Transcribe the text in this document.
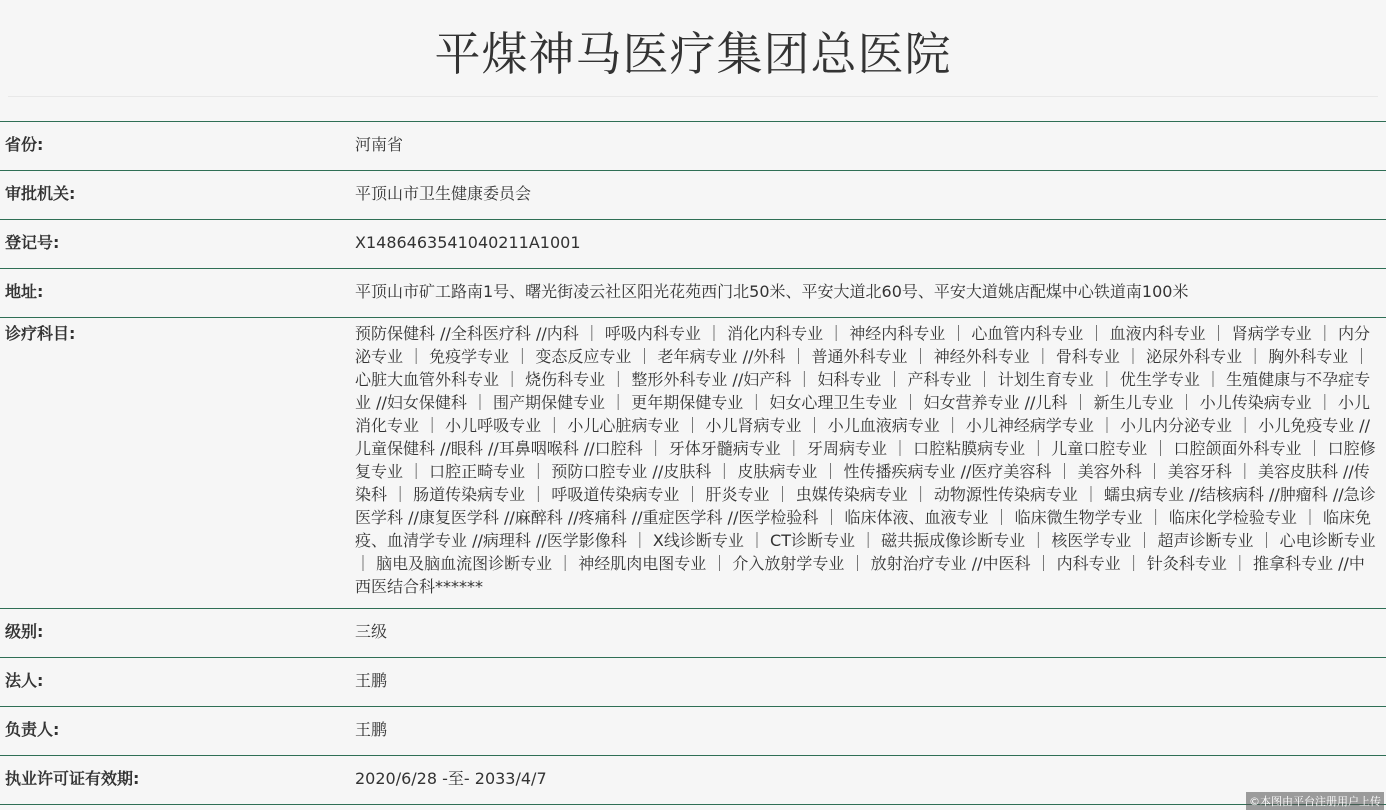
平煤神马医疗集团总医院
省份:	河南省
审批机关:	平顶山市卫生健康委员会
登记号:	X1486463541040211A1001
地址:	平顶山市矿工路南1号、曙光街凌云社区阳光花苑西门北50米、平安大道北60号、平安大道姚店配煤中心铁道南100米
诊疗科目:	预防保健科 //全科医疗科 //内科 ｜ 呼吸内科专业 ｜ 消化内科专业 ｜ 神经内科专业 ｜ 心血管内科专业 ｜ 血液内科专业 ｜ 肾病学专业 ｜ 内分泌专业 ｜ 免疫学专业 ｜ 变态反应专业 ｜ 老年病专业 //外科 ｜ 普通外科专业 ｜ 神经外科专业 ｜ 骨科专业 ｜ 泌尿外科专业 ｜ 胸外科专业 ｜ 心脏大血管外科专业 ｜ 烧伤科专业 ｜ 整形外科专业 //妇产科 ｜ 妇科专业 ｜ 产科专业 ｜ 计划生育专业 ｜ 优生学专业 ｜ 生殖健康与不孕症专业 //妇女保健科 ｜ 围产期保健专业 ｜ 更年期保健专业 ｜ 妇女心理卫生专业 ｜ 妇女营养专业 //儿科 ｜ 新生儿专业 ｜ 小儿传染病专业 ｜ 小儿消化专业 ｜ 小儿呼吸专业 ｜ 小儿心脏病专业 ｜ 小儿肾病专业 ｜ 小儿血液病专业 ｜ 小儿神经病学专业 ｜ 小儿内分泌专业 ｜ 小儿免疫专业 //儿童保健科 //眼科 //耳鼻咽喉科 //口腔科 ｜ 牙体牙髓病专业 ｜ 牙周病专业 ｜ 口腔粘膜病专业 ｜ 儿童口腔专业 ｜ 口腔颌面外科专业 ｜ 口腔修复专业 ｜ 口腔正畸专业 ｜ 预防口腔专业 //皮肤科 ｜ 皮肤病专业 ｜ 性传播疾病专业 //医疗美容科 ｜ 美容外科 ｜ 美容牙科 ｜ 美容皮肤科 //传染科 ｜ 肠道传染病专业 ｜ 呼吸道传染病专业 ｜ 肝炎专业 ｜ 虫媒传染病专业 ｜ 动物源性传染病专业 ｜ 蠕虫病专业 //结核病科 //肿瘤科 //急诊医学科 //康复医学科 //麻醉科 //疼痛科 //重症医学科 //医学检验科 ｜ 临床体液、血液专业 ｜ 临床微生物学专业 ｜ 临床化学检验专业 ｜ 临床免疫、血清学专业 //病理科 //医学影像科 ｜ X线诊断专业 ｜ CT诊断专业 ｜ 磁共振成像诊断专业 ｜ 核医学专业 ｜ 超声诊断专业 ｜ 心电诊断专业 ｜ 脑电及脑血流图诊断专业 ｜ 神经肌肉电图专业 ｜ 介入放射学专业 ｜ 放射治疗专业 //中医科 ｜ 内科专业 ｜ 针灸科专业 ｜ 推拿科专业 //中西医结合科******
级别:	三级
法人:	王鹏
负责人:	王鹏
执业许可证有效期:	2020/6/28 -至- 2033/4/7
©本图由平台注册用户上传
